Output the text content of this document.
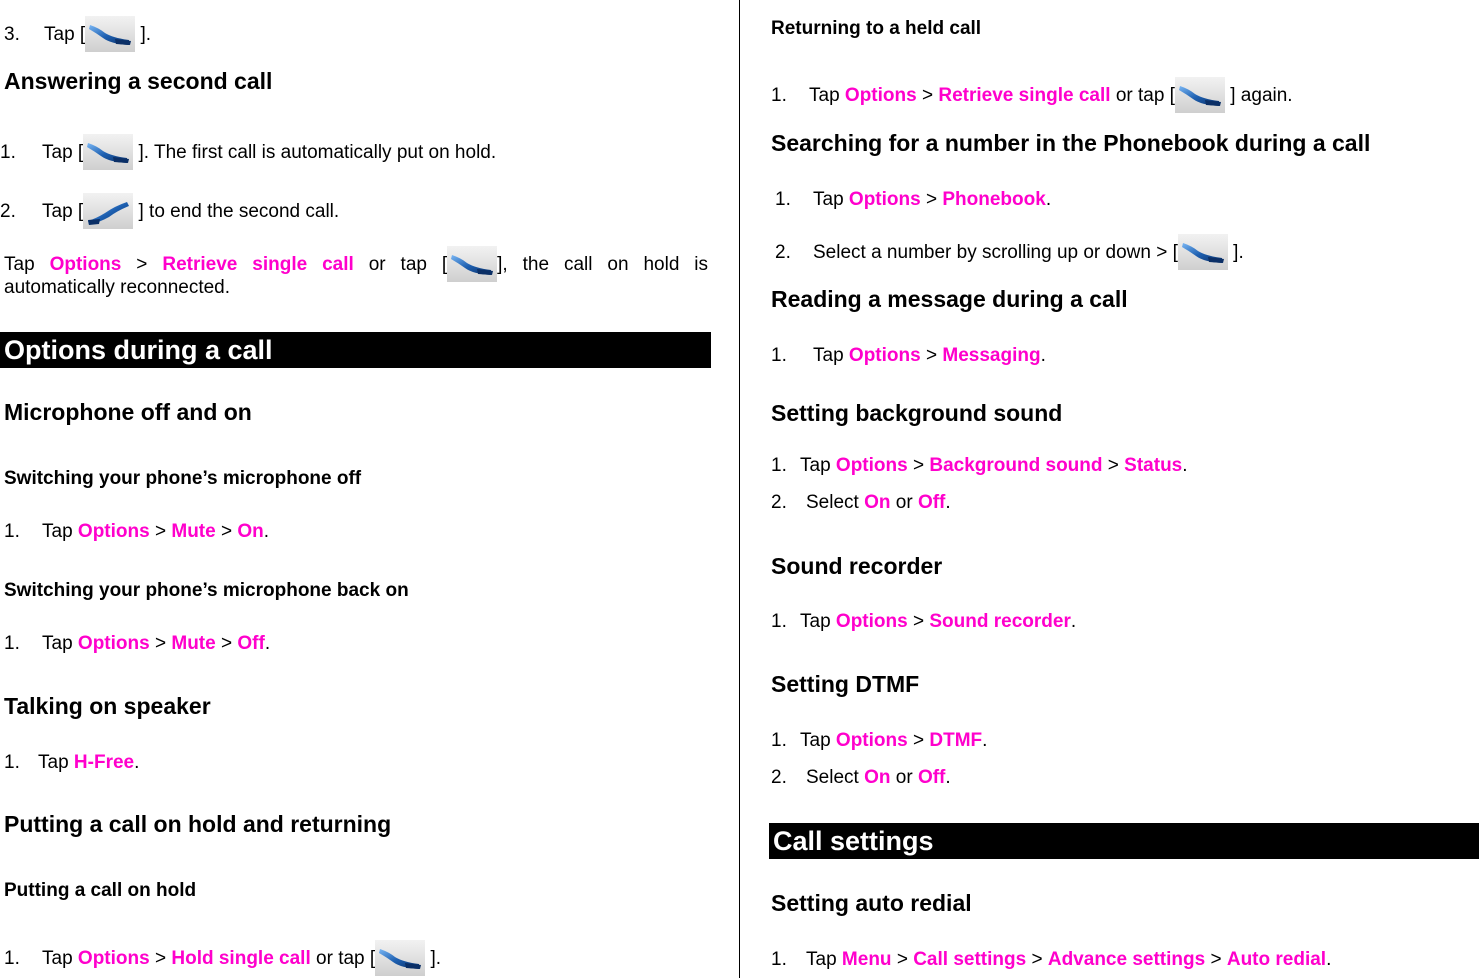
3. Tap [	].
Answering a second call
1. Tap [	]. The first call is automatically put on hold.
2. Tap [	] to end the second call.
Tap Options > Retrieve single call or tap [	], the call on hold is
automatically reconnected.
Options during a call
Microphone off and on
Switching your phone’s microphone off
1. Tap Options > Mute > On.
Switching your phone’s microphone back on
1. Tap Options > Mute > Off.
Talking on speaker
1. Tap H-Free.
Putting a call on hold and returning
Putting a call on hold
1. Tap Options > Hold single call or tap [	].
Returning to a held call
1. Tap Options > Retrieve single call or tap [	] again.
Searching for a number in the Phonebook during a call
1. Tap Options > Phonebook.
2. Select a number by scrolling up or down > [	].
Reading a message during a call
1. Tap Options > Messaging.
Setting background sound
1. Tap Options > Background sound > Status.
2. Select On or Off.
Sound recorder
1. Tap Options > Sound recorder.
Setting DTMF
1. Tap Options > DTMF.
2. Select On or Off.
Call settings
Setting auto redial
1. Tap Menu > Call settings > Advance settings > Auto redial.
